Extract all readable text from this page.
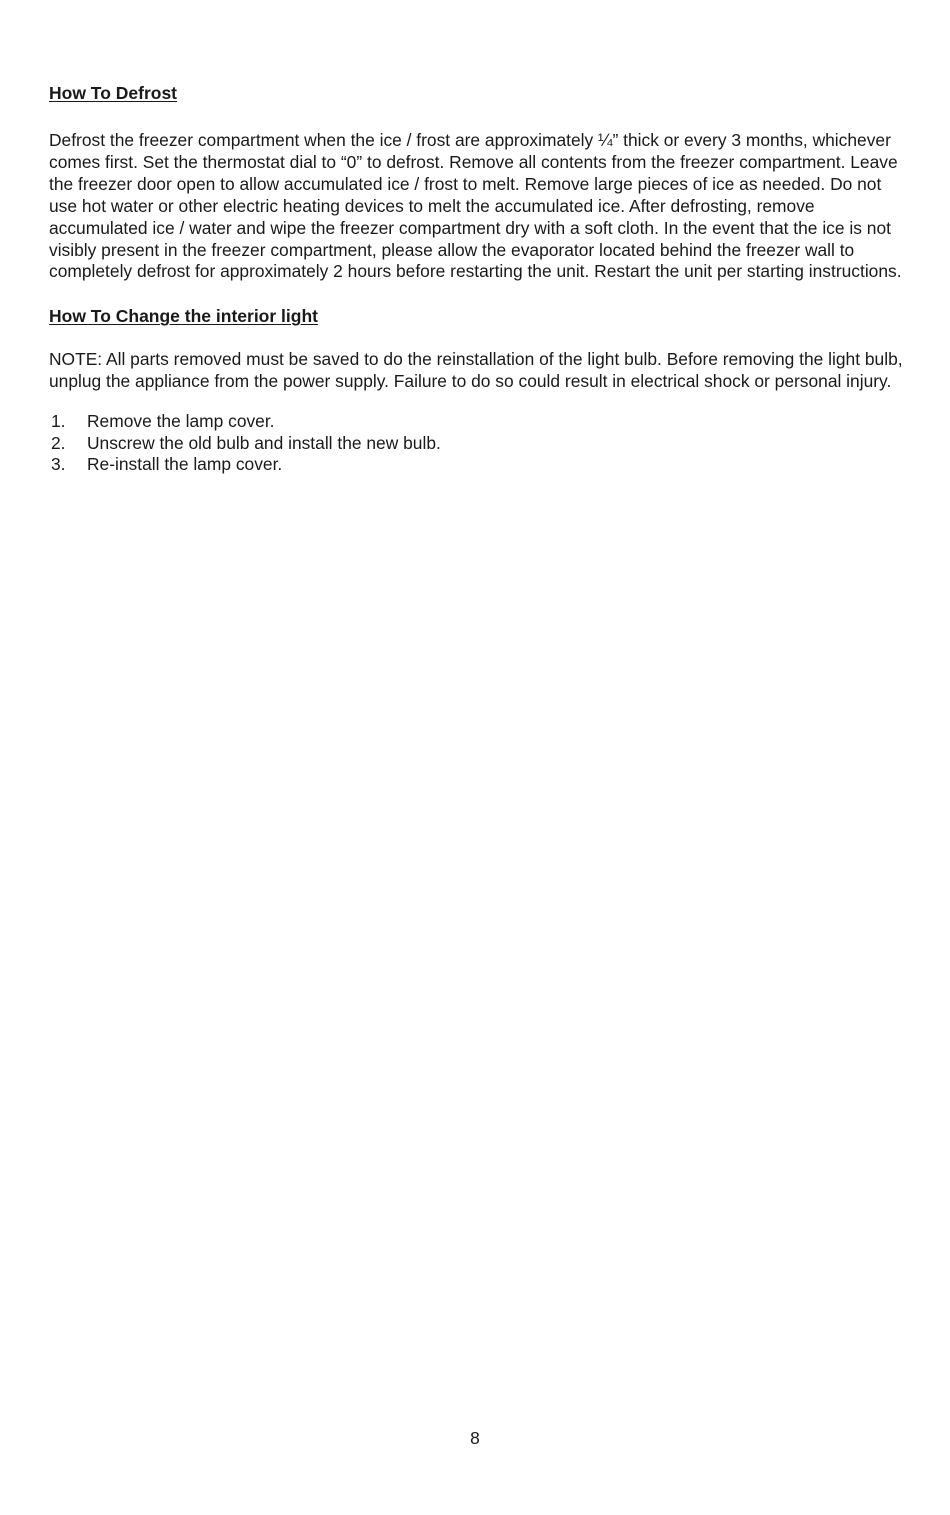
How To Defrost

Defrost the freezer compartment when the ice / frost are approximately ¼” thick or every 3 months, whichever comes first. Set the thermostat dial to “0” to defrost. Remove all contents from the freezer compartment. Leave the freezer door open to allow accumulated ice / frost to melt. Remove large pieces of ice as needed. Do not use hot water or other electric heating devices to melt the accumulated ice. After defrosting, remove accumulated ice / water and wipe the freezer compartment dry with a soft cloth. In the event that the ice is not visibly present in the freezer compartment, please allow the evaporator located behind the freezer wall to completely defrost for approximately 2 hours before restarting the unit. Restart the unit per starting instructions.

How To Change the interior light

NOTE: All parts removed must be saved to do the reinstallation of the light bulb. Before removing the light bulb, unplug the appliance from the power supply. Failure to do so could result in electrical shock or personal injury.

1.	Remove the lamp cover.
2.	Unscrew the old bulb and install the new bulb.
3.	Re-install the lamp cover.
8
